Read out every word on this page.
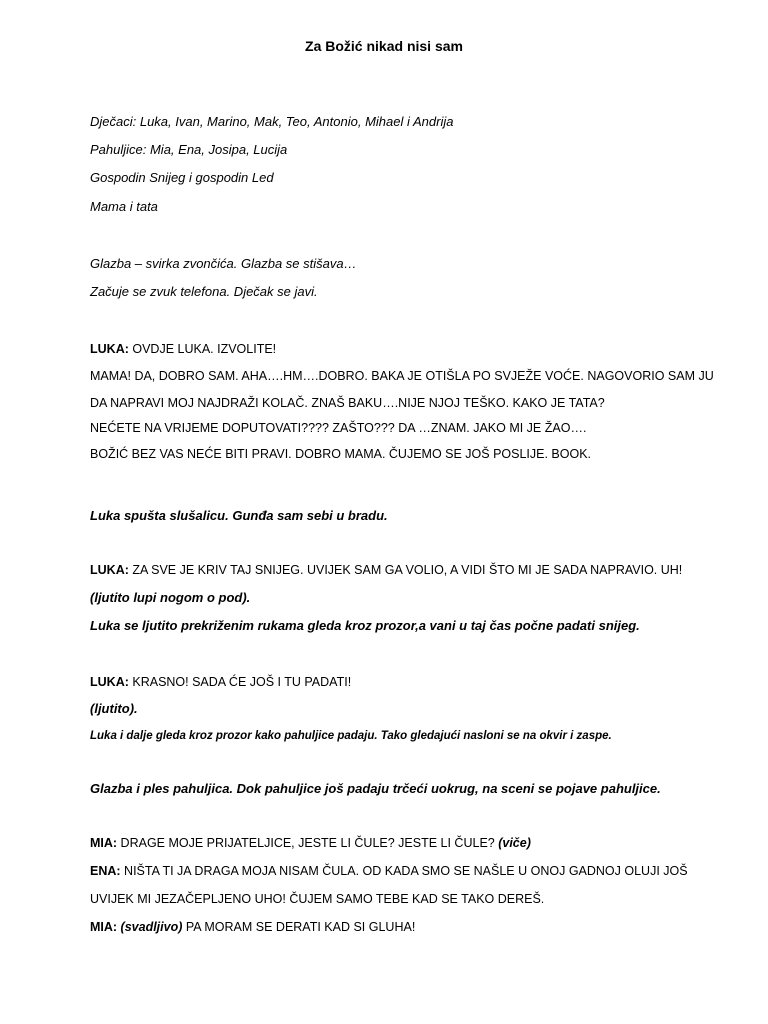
Za Božić nikad nisi sam
Dječaci: Luka, Ivan, Marino, Mak, Teo, Antonio, Mihael i Andrija
Pahuljice: Mia, Ena, Josipa, Lucija
Gospodin Snijeg i gospodin Led
Mama i tata
Glazba – svirka zvončića. Glazba se stišava…
Začuje se zvuk telefona. Dječak se javi.
LUKA: OVDJE LUKA. IZVOLITE!
MAMA! DA, DOBRO SAM. AHA….HM….DOBRO. BAKA JE OTIŠLA PO SVJEŽE VOĆE. NAGOVORIO SAM JU
DA NAPRAVI MOJ NAJDRAŽI KOLAČ. ZNAŠ BAKU….NIJE NJOJ TEŠKO. KAKO JE TATA?
NEĆETE NA VRIJEME DOPUTOVATI???? ZAŠTO??? DA …ZNAM. JAKO MI JE ŽAO….
BOŽIĆ BEZ VAS NEĆE BITI PRAVI. DOBRO MAMA. ČUJEMO SE JOŠ POSLIJE. BOOK.
Luka spušta slušalicu. Gunđa sam sebi u bradu.
LUKA: ZA SVE JE KRIV TAJ SNIJEG. UVIJEK SAM GA VOLIO, A VIDI ŠTO MI JE SADA NAPRAVIO. UH!
(ljutito lupi nogom o pod).
Luka se ljutito prekriženim rukama gleda kroz prozor,a vani u taj čas počne padati snijeg.
LUKA: KRASNO! SADA ĆE JOŠ I TU PADATI!
(ljutito).
Luka i dalje gleda kroz prozor kako pahuljice padaju. Tako gledajući nasloni se na okvir i zaspe.
Glazba i ples pahuljica. Dok pahuljice još padaju trčeći uokrug, na sceni se pojave pahuljice.
MIA: DRAGE MOJE PRIJATELJICE, JESTE LI ČULE? JESTE LI ČULE? (viče)
ENA: NIŠTA TI JA DRAGA MOJA NISAM ČULA. OD KADA SMO SE NAŠLE U ONOJ GADNOJ OLUJI JOŠ
UVIJEK MI JEZAČEPLJENO UHO! ČUJEM SAMO TEBE KAD SE TAKO DEREŠ.
MIA: (svadljivo) PA MORAM SE DERATI KAD SI GLUHA!
